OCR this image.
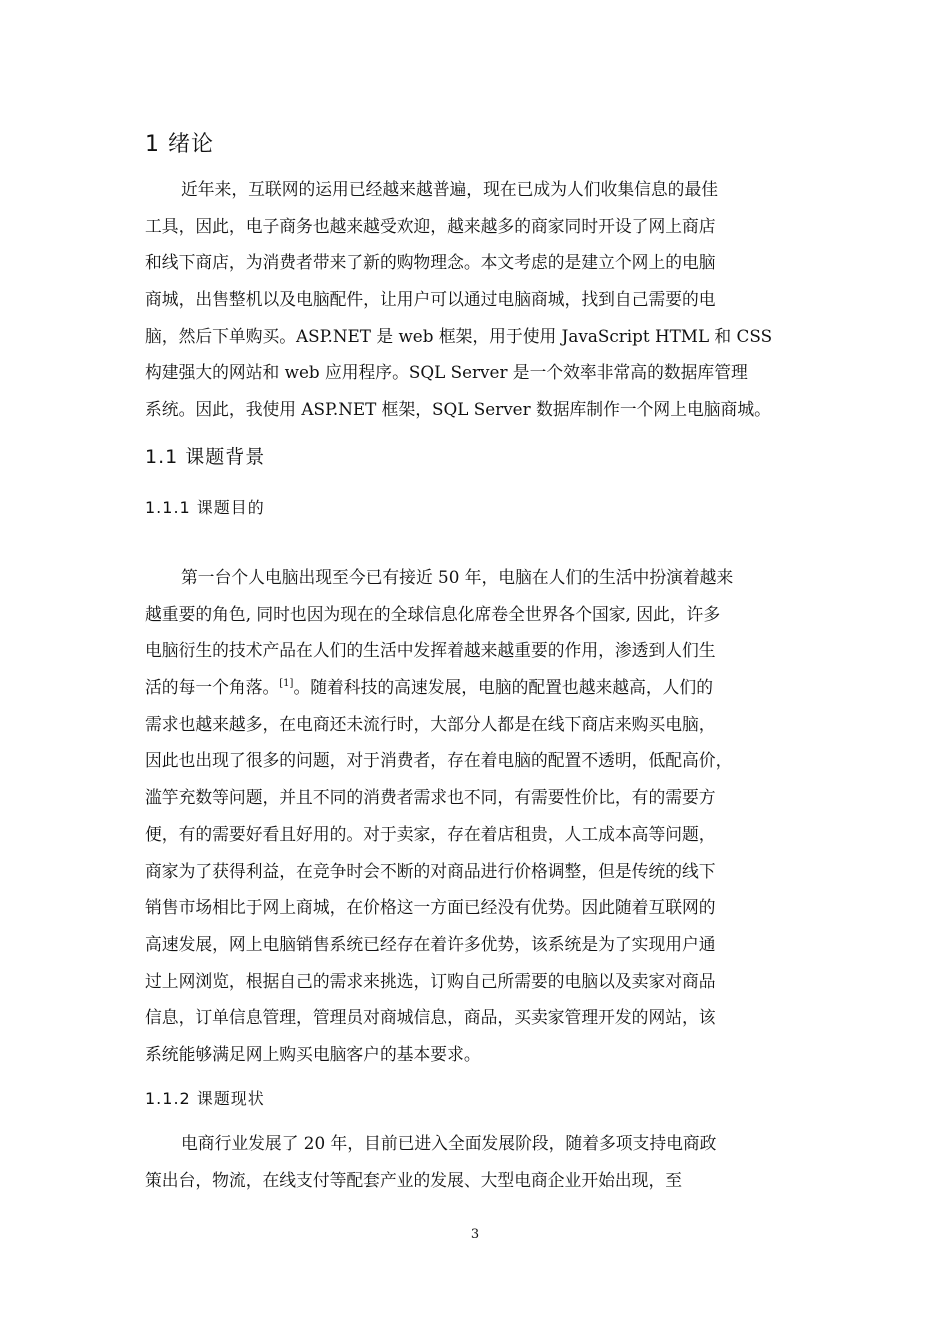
1 绪论
近年来，互联网的运用已经越来越普遍，现在已成为人们收集信息的最佳
工具，因此，电子商务也越来越受欢迎，越来越多的商家同时开设了网上商店
和线下商店，为消费者带来了新的购物理念。本文考虑的是建立个网上的电脑
商城，出售整机以及电脑配件，让用户可以通过电脑商城，找到自己需要的电
脑，然后下单购买。ASP.NET 是 web 框架，用于使用 JavaScript HTML 和 CSS
构建强大的网站和 web 应用程序。SQL Server 是一个效率非常高的数据库管理
系统。因此，我使用 ASP.NET 框架，SQL Server 数据库制作一个网上电脑商城。
1.1 课题背景
1.1.1 课题目的
第一台个人电脑出现至今已有接近 50 年，电脑在人们的生活中扮演着越来
越重要的角色, 同时也因为现在的全球信息化席卷全世界各个国家, 因此，许多
电脑衍生的技术产品在人们的生活中发挥着越来越重要的作用，渗透到人们生
活的每一个角落。[1]。随着科技的高速发展，电脑的配置也越来越高，人们的
需求也越来越多，在电商还未流行时，大部分人都是在线下商店来购买电脑，
因此也出现了很多的问题，对于消费者，存在着电脑的配置不透明，低配高价，
滥竽充数等问题，并且不同的消费者需求也不同，有需要性价比，有的需要方
便，有的需要好看且好用的。对于卖家，存在着店租贵，人工成本高等问题，
商家为了获得利益，在竞争时会不断的对商品进行价格调整，但是传统的线下
销售市场相比于网上商城，在价格这一方面已经没有优势。因此随着互联网的
高速发展，网上电脑销售系统已经存在着许多优势，该系统是为了实现用户通
过上网浏览，根据自己的需求来挑选，订购自己所需要的电脑以及卖家对商品
信息，订单信息管理，管理员对商城信息，商品，买卖家管理开发的网站，该
系统能够满足网上购买电脑客户的基本要求。
1.1.2 课题现状
电商行业发展了 20 年，目前已进入全面发展阶段，随着多项支持电商政
策出台，物流，在线支付等配套产业的发展、大型电商企业开始出现，至
3
